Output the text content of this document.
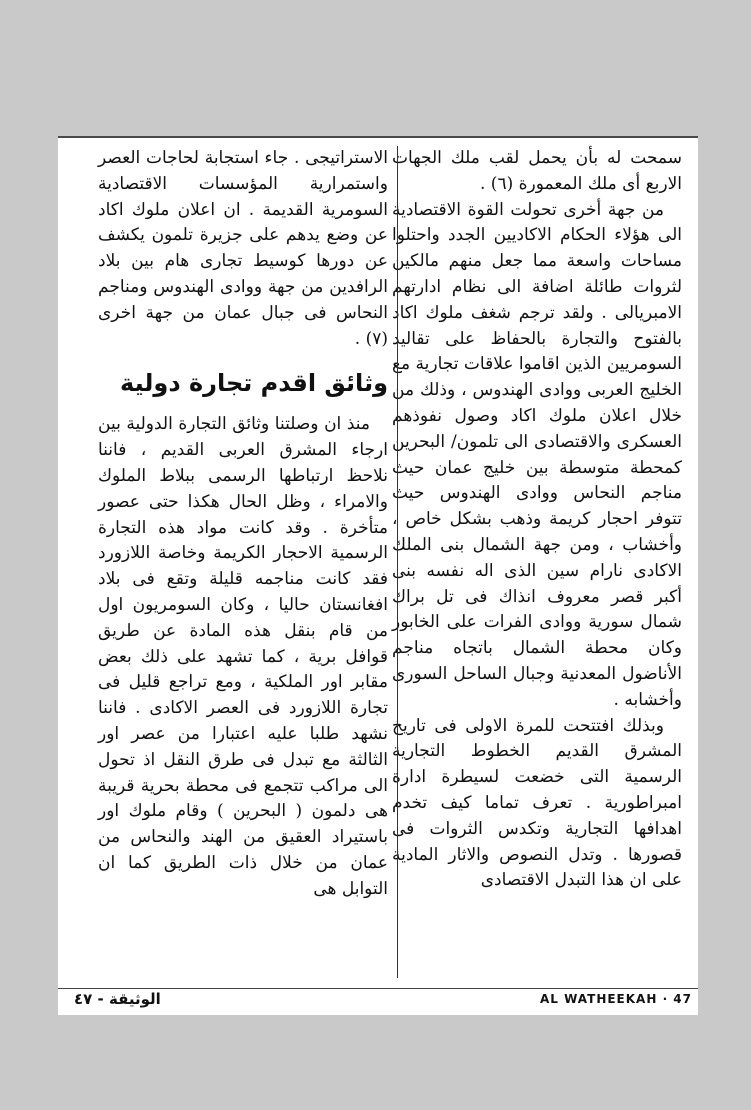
سمحت له بأن يحمل لقب ملك الجهات الاربع أى ملك المعمورة (٦) .

من جهة أخرى تحولت القوة الاقتصادية الى هؤلاء الحكام الاكاديين الجدد واحتلوا مساحات واسعة مما جعل منهم مالكين لثروات طائلة اضافة الى نظام ادارتهم الامبريالى . ولقد ترجم شغف ملوك اكاد بالفتوح والتجارة بالحفاظ على تقاليد السومريين الذين اقاموا علاقات تجارية مع الخليج العربى ووادى الهندوس ، وذلك من خلال اعلان ملوك اكاد وصول نفوذهم العسكرى والاقتصادى الى تلمون/ البحرين كمحطة متوسطة بين خليج عمان حيث مناجم النحاس ووادى الهندوس حيث تتوفر احجار كريمة وذهب بشكل خاص ، وأخشاب ، ومن جهة الشمال بنى الملك الاكادى نارام سين الذى اله نفسه بنى أكبر قصر معروف انذاك فى تل براك شمال سورية ووادى الفرات على الخابور وكان محطة الشمال باتجاه مناجم الأناضول المعدنية وجبال الساحل السورى وأخشابه .

وبذلك افتتحت للمرة الاولى فى تاريخ المشرق القديم الخطوط التجارية الرسمية التى خضعت لسيطرة ادارة امبراطورية . تعرف تماما كيف تخدم اهدافها التجارية وتكدس الثروات فى قصورها . وتدل النصوص والاثار المادية على ان هذا التبدل الاقتصادى

الاستراتيجى . جاء استجابة لحاجات العصر واستمرارية المؤسسات الاقتصادية السومرية القديمة . ان اعلان ملوك اكاد عن وضع يدهم على جزيرة تلمون يكشف عن دورها كوسيط تجارى هام بين بلاد الرافدين من جهة ووادى الهندوس ومناجم النحاس فى جبال عمان من جهة اخرى (٧) .

وثائق اقدم تجارة دولية

منذ ان وصلتنا وثائق التجارة الدولية بين ارجاء المشرق العربى القديم ، فاننا نلاحظ ارتباطها الرسمى ببلاط الملوك والامراء ، وظل الحال هكذا حتى عصور متأخرة . وقد كانت مواد هذه التجارة الرسمية الاحجار الكريمة وخاصة اللازورد فقد كانت مناجمه قليلة وتقع فى بلاد افغانستان حاليا ، وكان السومريون اول من قام بنقل هذه المادة عن طريق قوافل برية ، كما تشهد على ذلك بعض مقابر اور الملكية ، ومع تراجع قليل فى تجارة اللازورد فى العصر الاكادى . فاننا نشهد طلبا عليه اعتبارا من عصر اور الثالثة مع تبدل فى طرق النقل اذ تحول الى مراكب تتجمع فى محطة بحرية قريبة هى دلمون ( البحرين ) وقام ملوك اور باستيراد العقيق من الهند والنحاس من عمان من خلال ذات الطريق كما ان التوابل هى

الوثيقة - ٤٧	AL WATHEEKAH · 47
